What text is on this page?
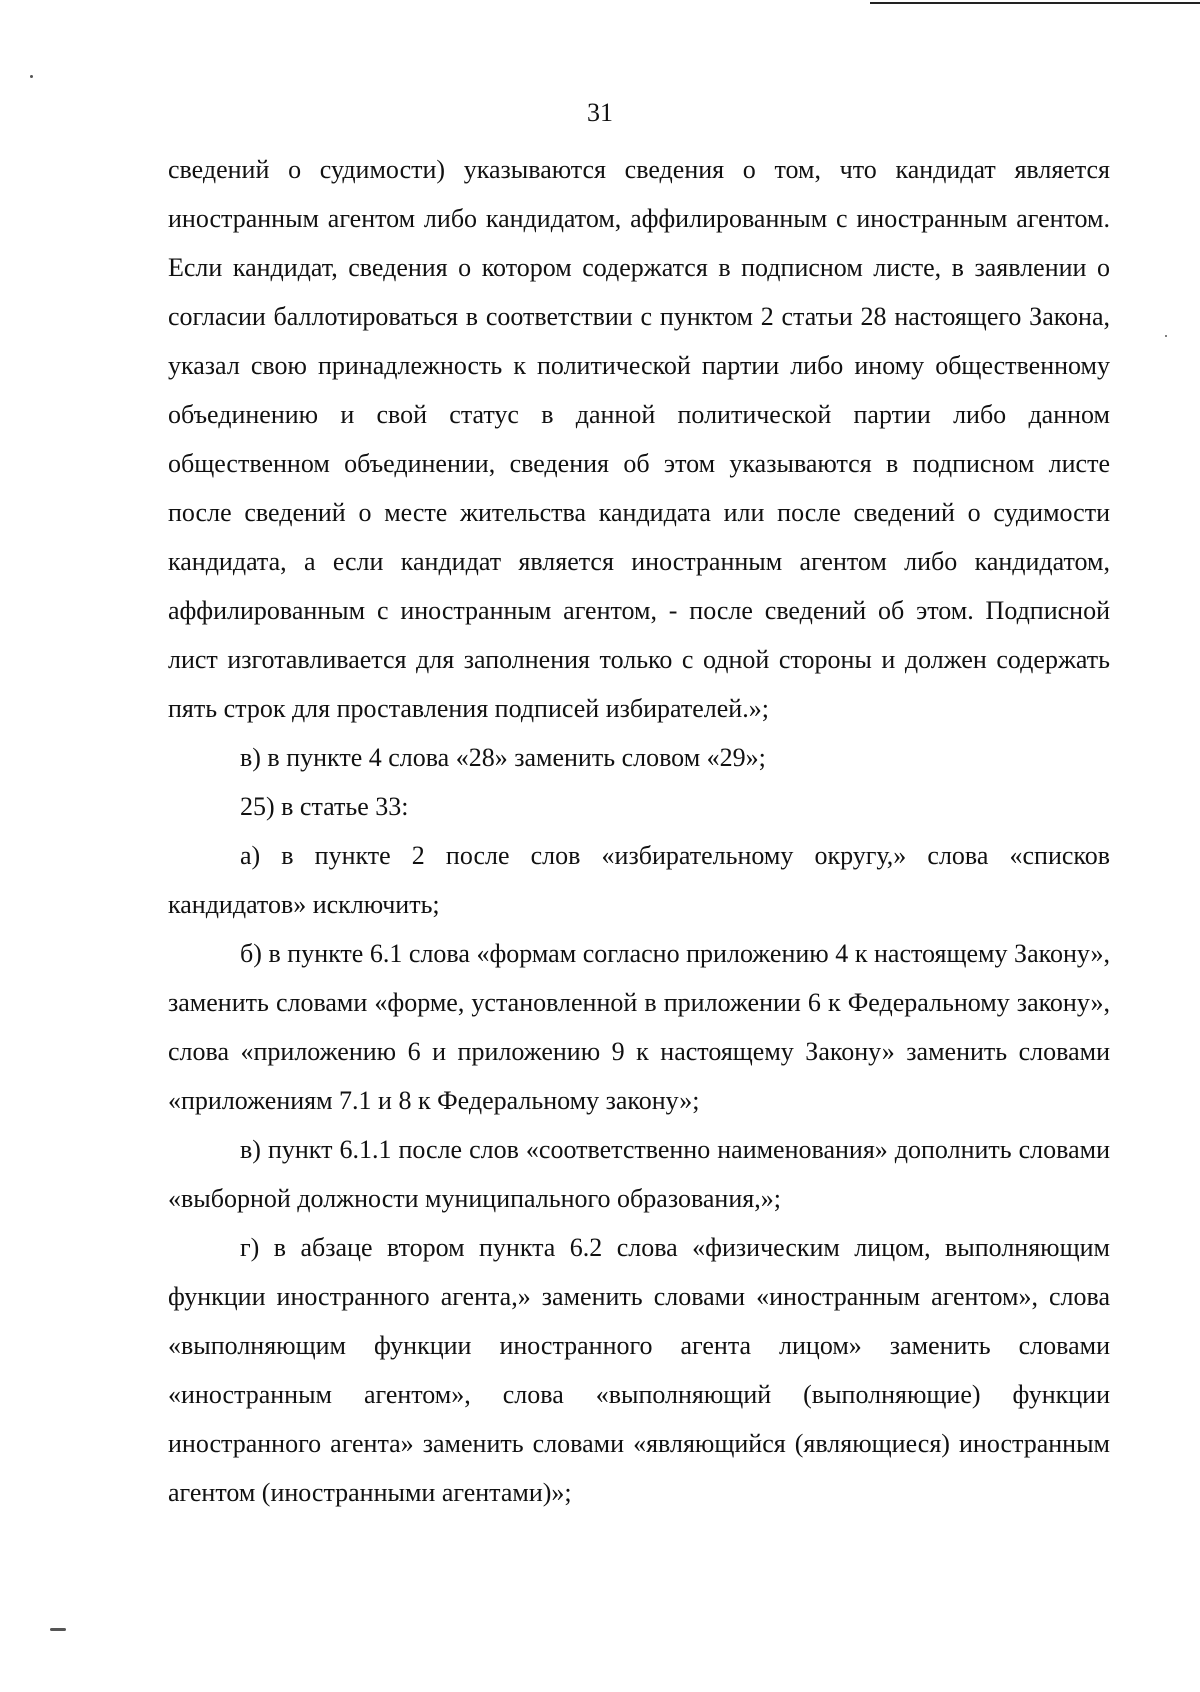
31

сведений о судимости) указываются сведения о том, что кандидат является иностранным агентом либо кандидатом, аффилированным с иностранным агентом. Если кандидат, сведения о котором содержатся в подписном листе, в заявлении о согласии баллотироваться в соответствии с пунктом 2 статьи 28 настоящего Закона, указал свою принадлежность к политической партии либо иному общественному объединению и свой статус в данной политической партии либо данном общественном объединении, сведения об этом указываются в подписном листе после сведений о месте жительства кандидата или после сведений о судимости кандидата, а если кандидат является иностранным агентом либо кандидатом, аффилированным с иностранным агентом, - после сведений об этом. Подписной лист изготавливается для заполнения только с одной стороны и должен содержать пять строк для проставления подписей избирателей.»;

в) в пункте 4 слова «28» заменить словом «29»;

25) в статье 33:

а) в пункте 2 после слов «избирательному округу,» слова «списков кандидатов» исключить;

б) в пункте 6.1 слова «формам согласно приложению 4 к настоящему Закону», заменить словами «форме, установленной в приложении 6 к Федеральному закону», слова «приложению 6 и приложению 9 к настоящему Закону» заменить словами «приложениям 7.1 и 8 к Федеральному закону»;

в) пункт 6.1.1 после слов «соответственно наименования» дополнить словами «выборной должности муниципального образования,»;

г) в абзаце втором пункта 6.2 слова «физическим лицом, выполняющим функции иностранного агента,» заменить словами «иностранным агентом», слова «выполняющим функции иностранного агента лицом» заменить словами «иностранным агентом», слова «выполняющий (выполняющие) функции иностранного агента» заменить словами «являющийся (являющиеся) иностранным агентом (иностранными агентами)»;
